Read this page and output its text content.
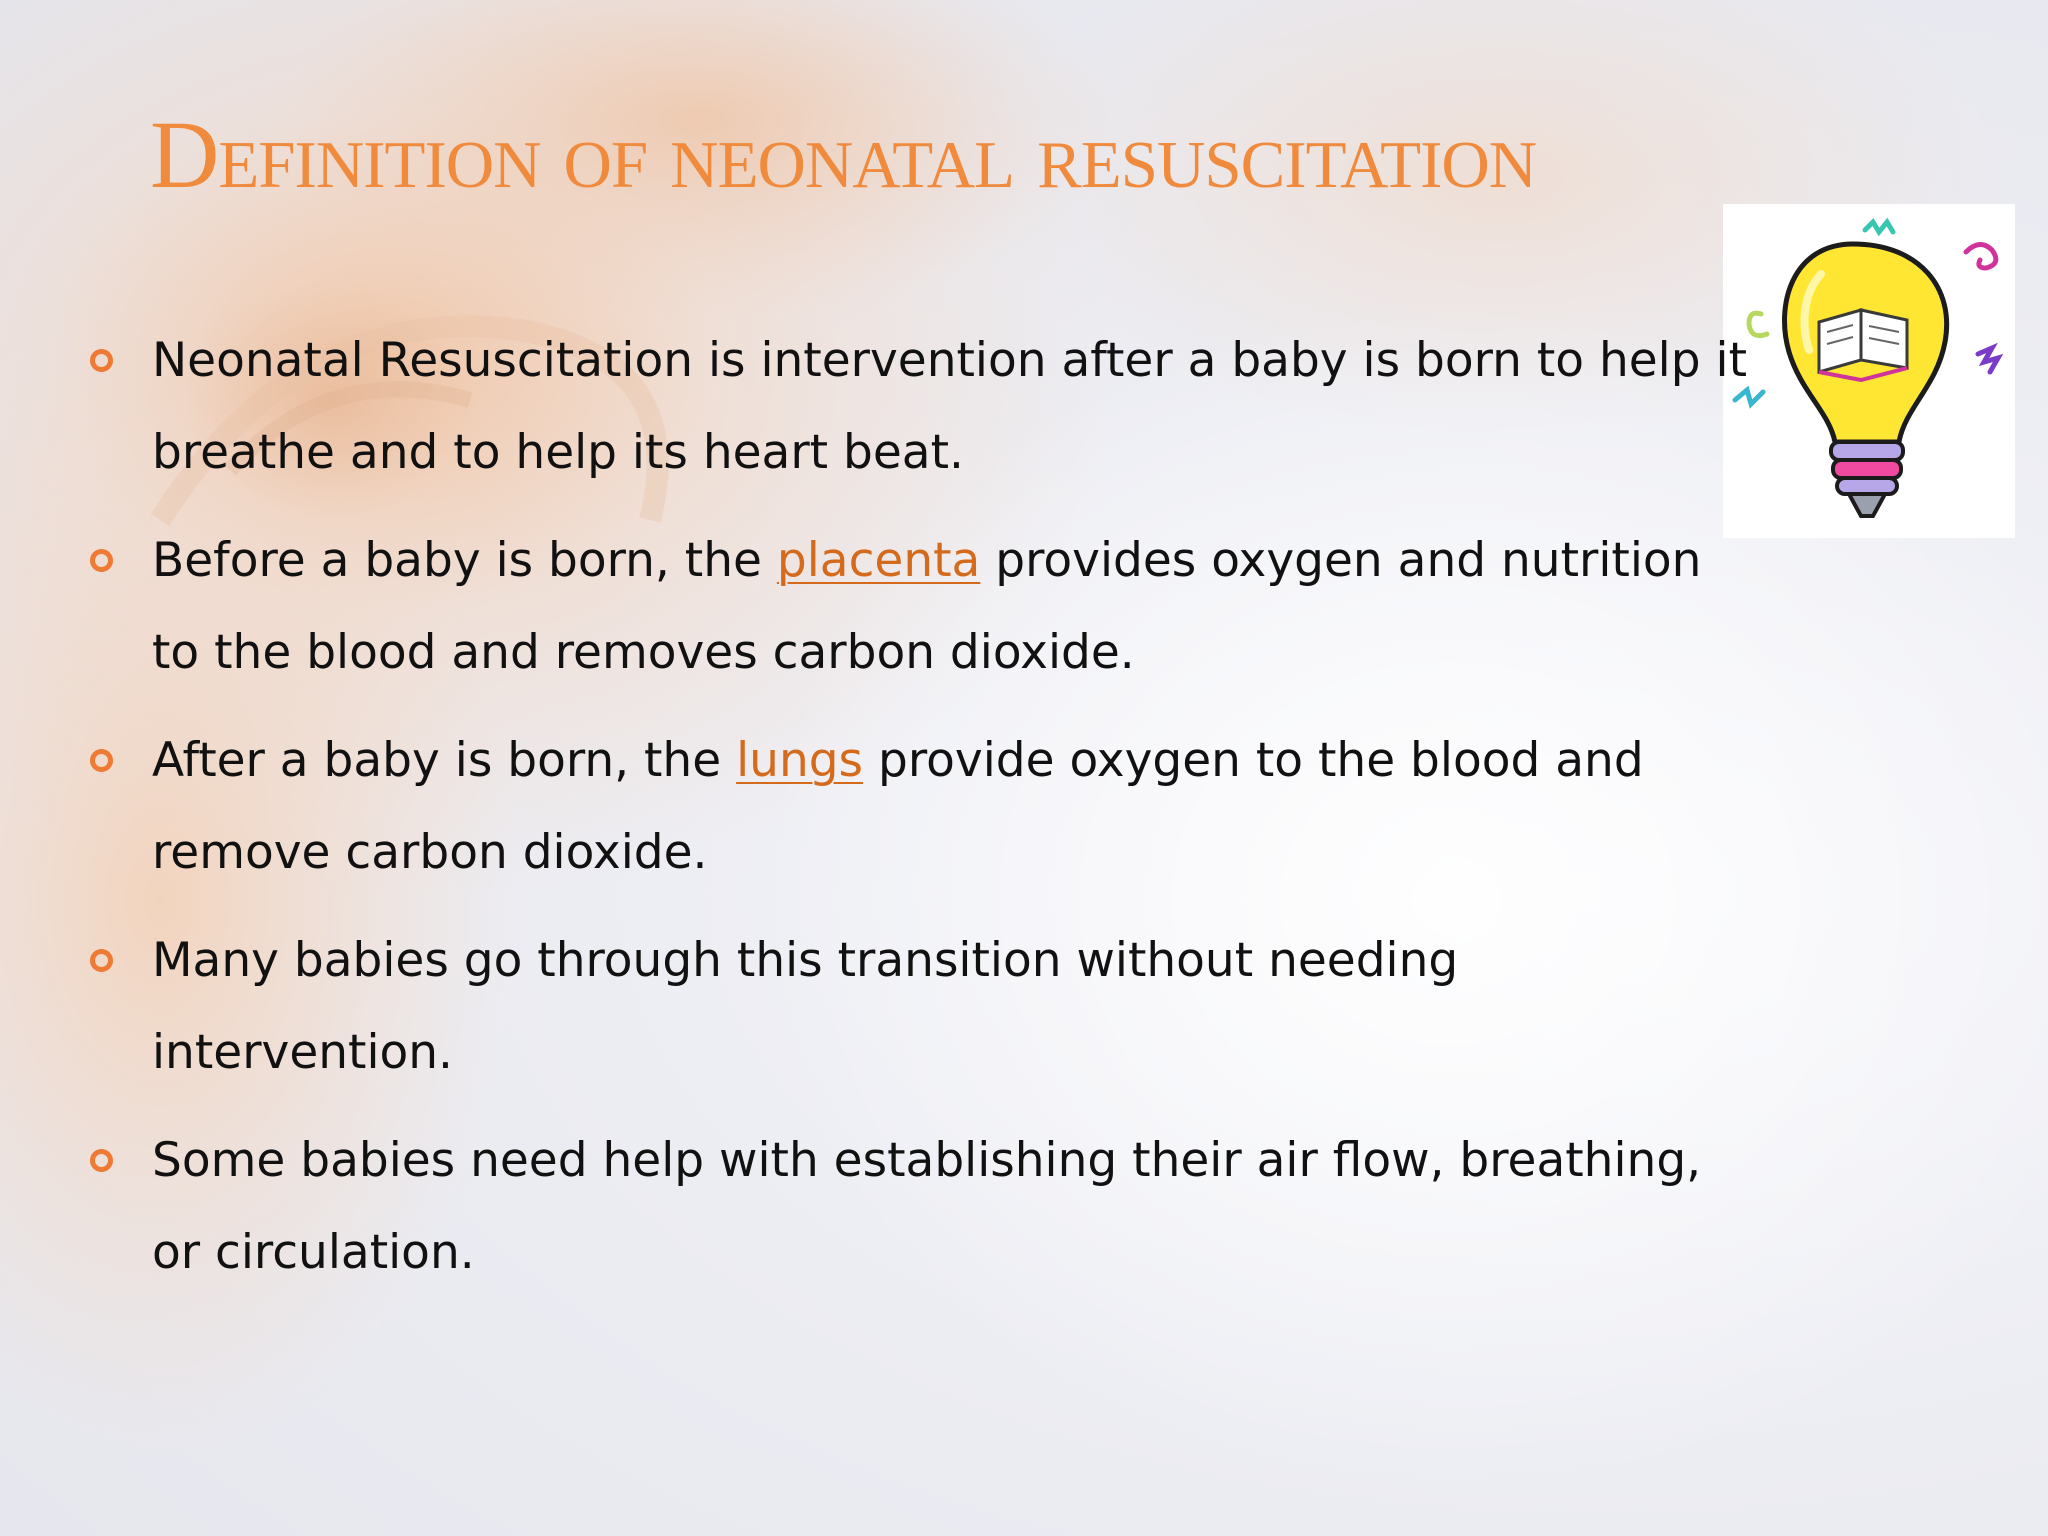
Definition of neonatal resuscitation
Neonatal Resuscitation is intervention after a baby is born to help it breathe and to help its heart beat.
Before a baby is born, the placenta provides oxygen and nutrition to the blood and removes carbon dioxide.
After a baby is born, the lungs provide oxygen to the blood and remove carbon dioxide.
Many babies go through this transition without needing intervention.
Some babies need help with establishing their air flow, breathing, or circulation.
